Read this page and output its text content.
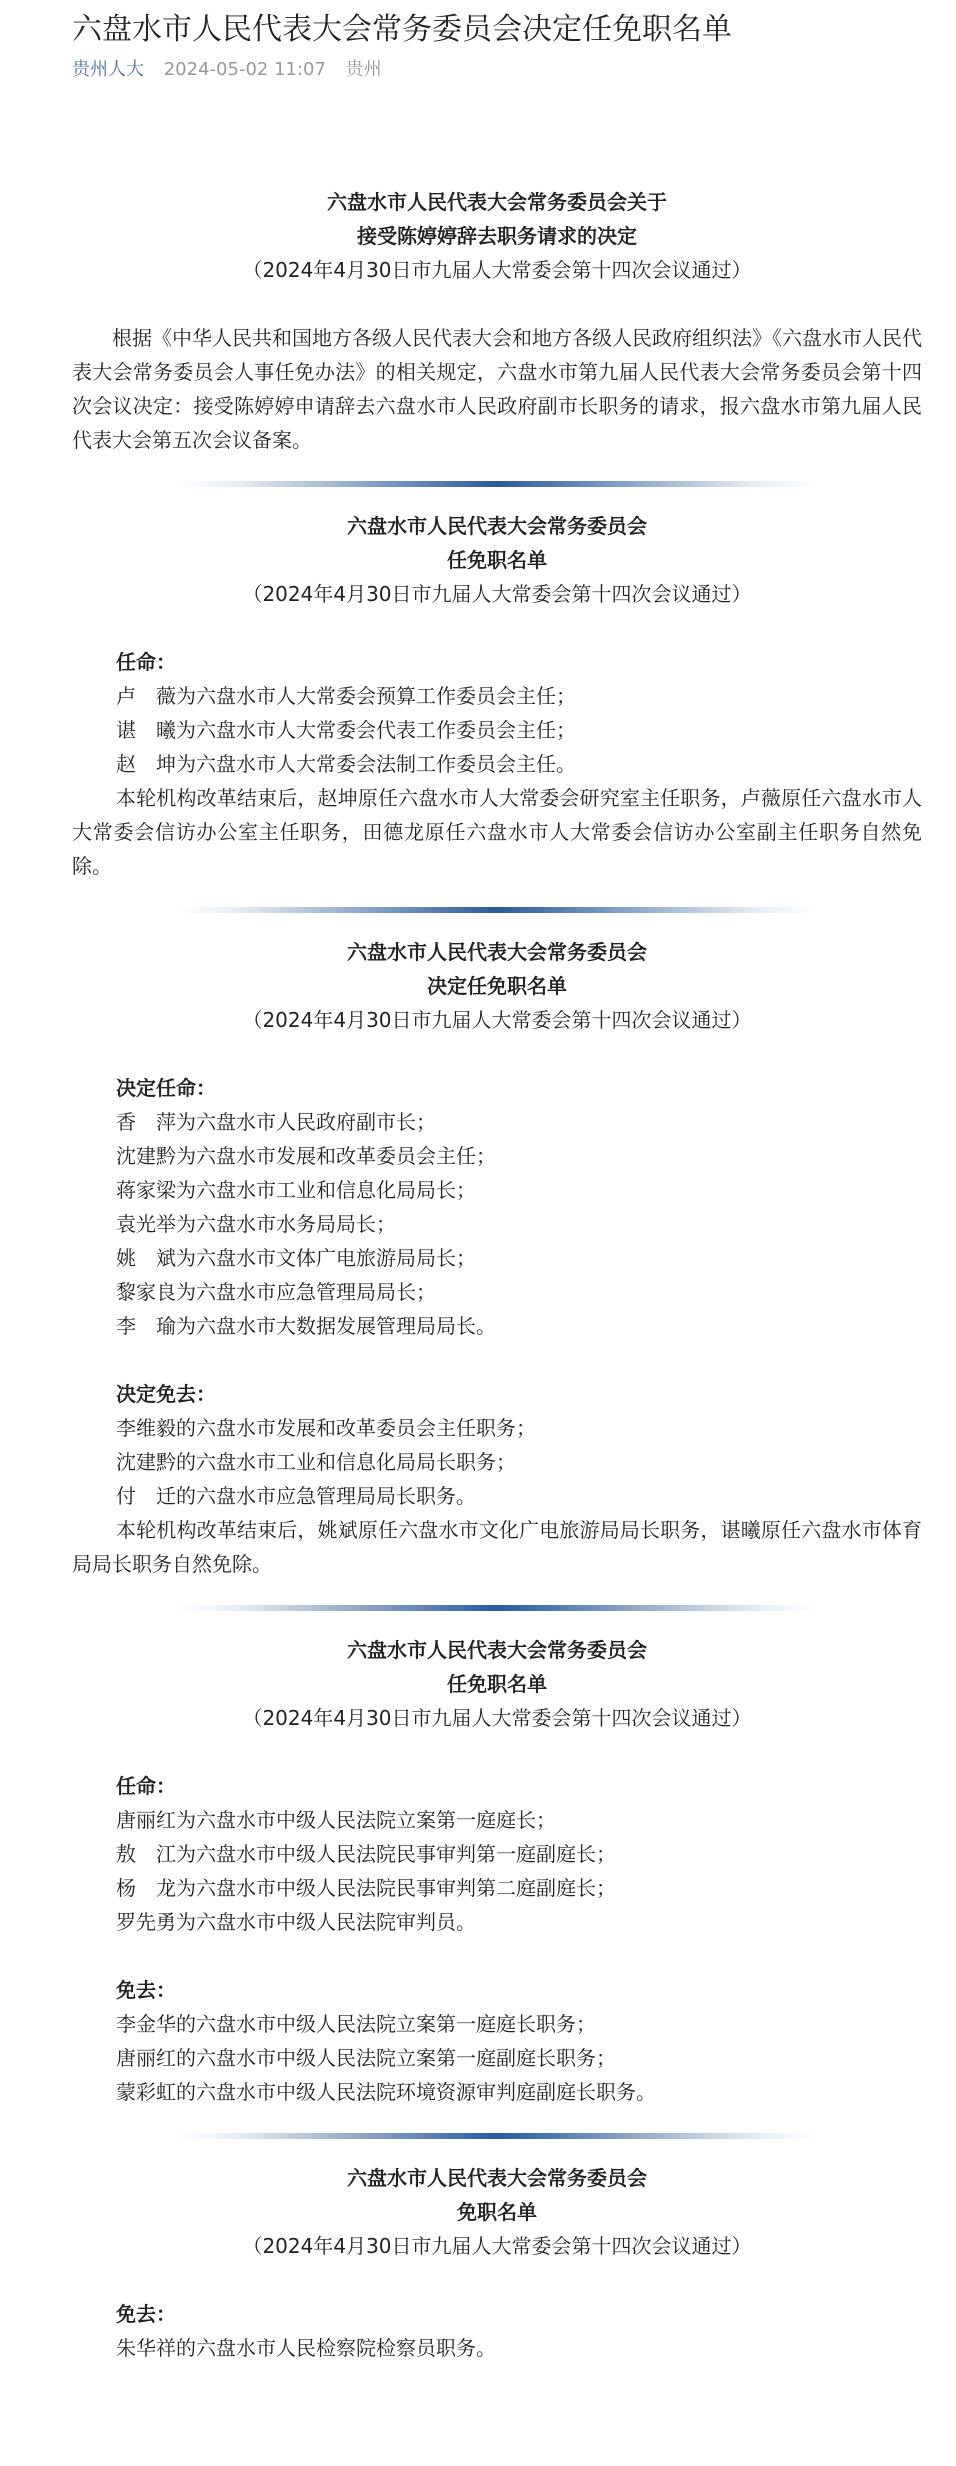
六盘水市人民代表大会常务委员会决定任免职名单
贵州人大 2024-05-02 11:07 贵州
六盘水市人民代表大会常务委员会关于
接受陈婷婷辞去职务请求的决定
（2024年4月30日市九届人大常委会第十四次会议通过）
根据《中华人民共和国地方各级人民代表大会和地方各级人民政府组织法》《六盘水市人民代表大会常务委员会人事任免办法》的相关规定，六盘水市第九届人民代表大会常务委员会第十四次会议决定：接受陈婷婷申请辞去六盘水市人民政府副市长职务的请求，报六盘水市第九届人民代表大会第五次会议备案。
六盘水市人民代表大会常务委员会
任免职名单
（2024年4月30日市九届人大常委会第十四次会议通过）
任命：
卢　薇为六盘水市人大常委会预算工作委员会主任；
谌　曦为六盘水市人大常委会代表工作委员会主任；
赵　坤为六盘水市人大常委会法制工作委员会主任。
本轮机构改革结束后，赵坤原任六盘水市人大常委会研究室主任职务，卢薇原任六盘水市人大常委会信访办公室主任职务，田德龙原任六盘水市人大常委会信访办公室副主任职务自然免除。
六盘水市人民代表大会常务委员会
决定任免职名单
（2024年4月30日市九届人大常委会第十四次会议通过）
决定任命：
香　萍为六盘水市人民政府副市长；
沈建黔为六盘水市发展和改革委员会主任；
蒋家梁为六盘水市工业和信息化局局长；
袁光举为六盘水市水务局局长；
姚　斌为六盘水市文体广电旅游局局长；
黎家良为六盘水市应急管理局局长；
李　瑜为六盘水市大数据发展管理局局长。
决定免去：
李维毅的六盘水市发展和改革委员会主任职务；
沈建黔的六盘水市工业和信息化局局长职务；
付　迁的六盘水市应急管理局局长职务。
本轮机构改革结束后，姚斌原任六盘水市文化广电旅游局局长职务，谌曦原任六盘水市体育局局长职务自然免除。
六盘水市人民代表大会常务委员会
任免职名单
（2024年4月30日市九届人大常委会第十四次会议通过）
任命：
唐丽红为六盘水市中级人民法院立案第一庭庭长；
敖　江为六盘水市中级人民法院民事审判第一庭副庭长；
杨　龙为六盘水市中级人民法院民事审判第二庭副庭长；
罗先勇为六盘水市中级人民法院审判员。
免去：
李金华的六盘水市中级人民法院立案第一庭庭长职务；
唐丽红的六盘水市中级人民法院立案第一庭副庭长职务；
蒙彩虹的六盘水市中级人民法院环境资源审判庭副庭长职务。
六盘水市人民代表大会常务委员会
免职名单
（2024年4月30日市九届人大常委会第十四次会议通过）
免去：
朱华祥的六盘水市人民检察院检察员职务。
